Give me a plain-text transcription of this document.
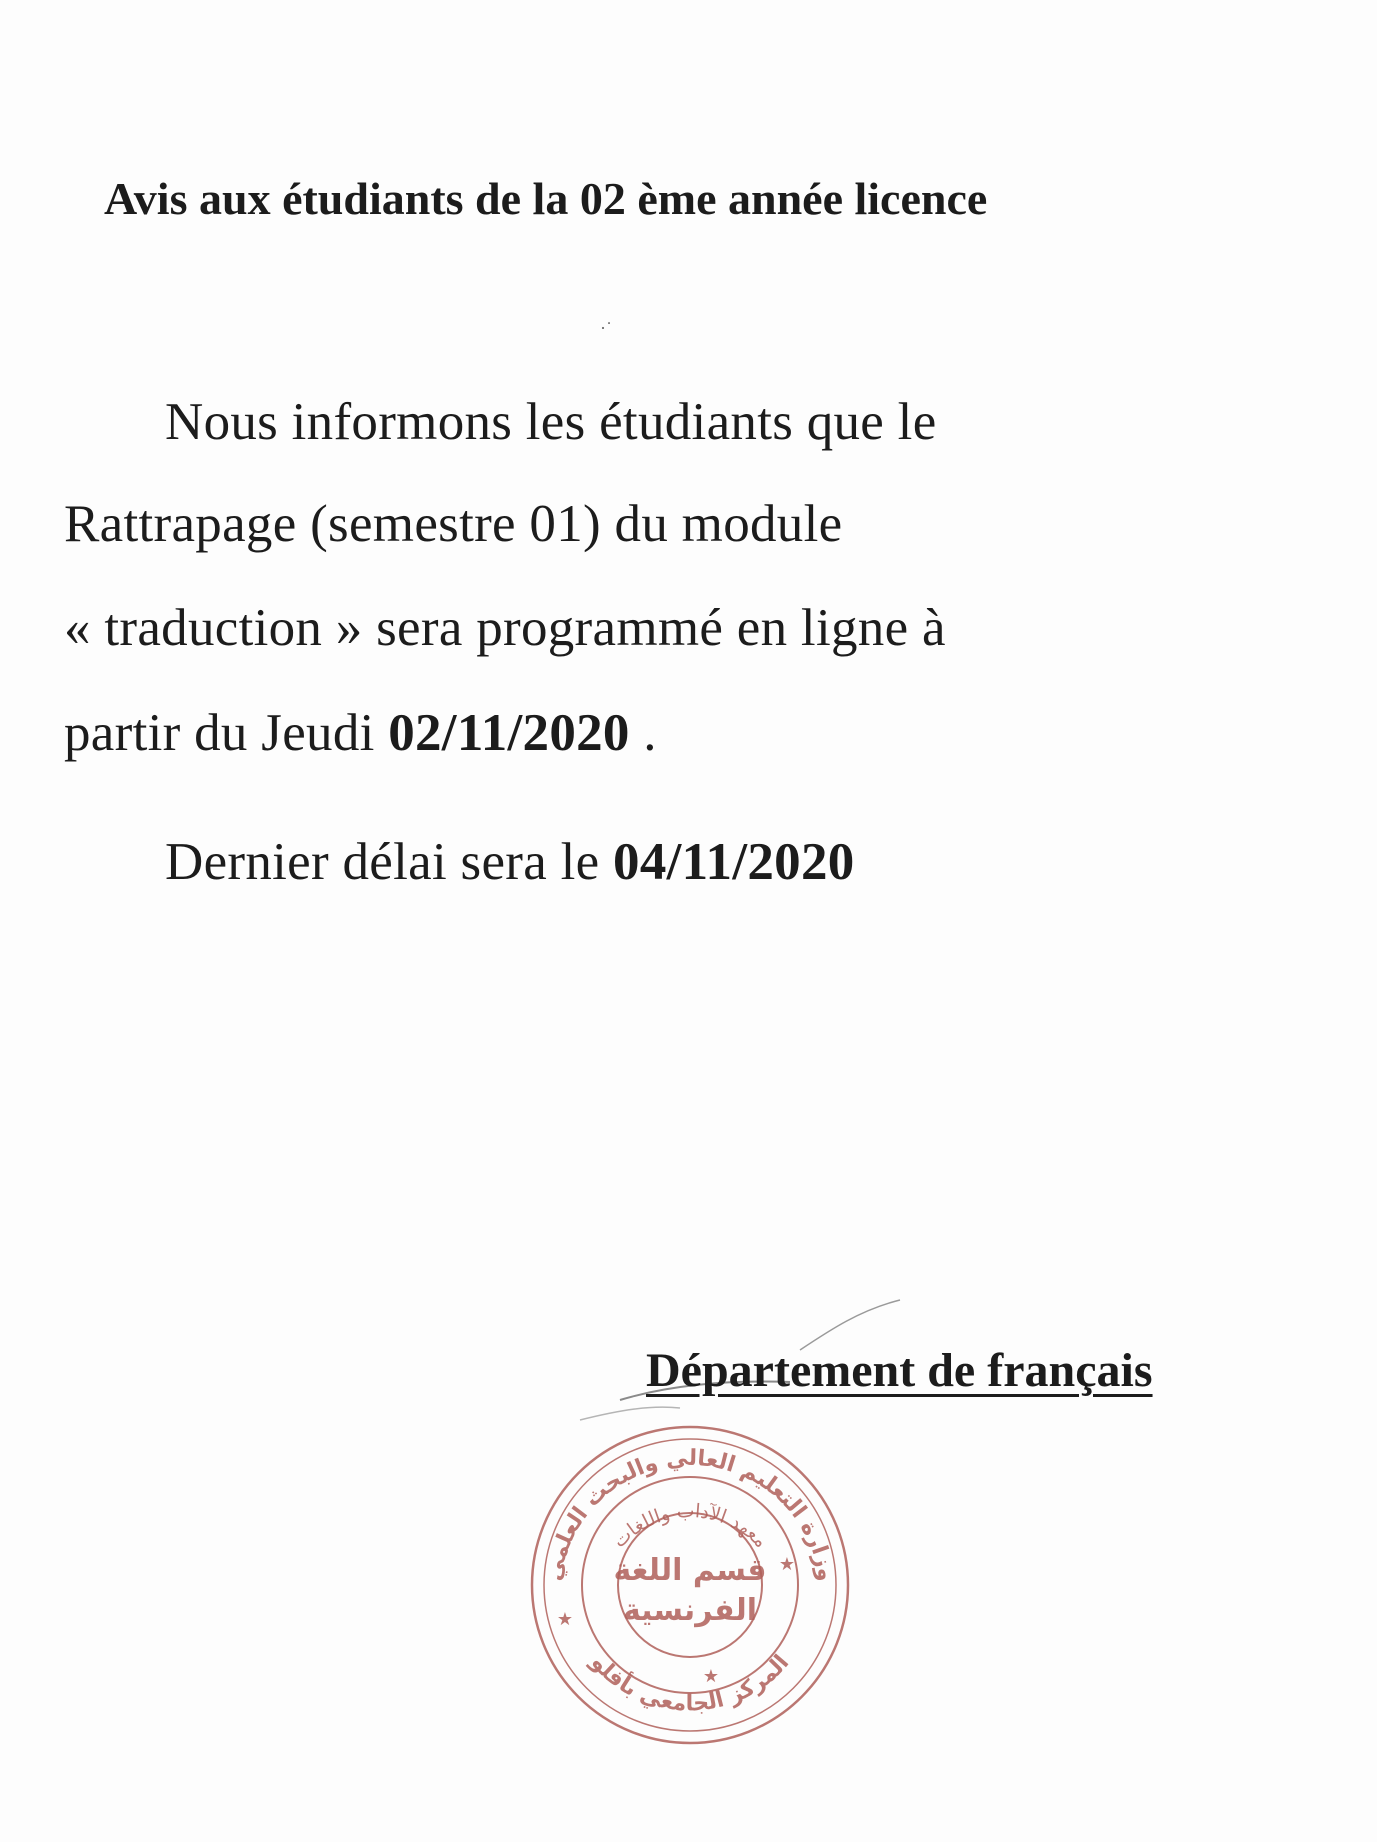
Avis aux étudiants de la 02 ème année licence
·˙
Nous informons les étudiants que le
Rattrapage (semestre 01) du module
« traduction » sera programmé en ligne à
partir du Jeudi 02/11/2020 .
Dernier délai sera le 04/11/2020
Département de français
وزارة التعليم العالي والبحث العلمي
معهد الآداب واللغات
المركز الجامعي بأفلو
قسم اللغة
الفرنسية
★
★
★
